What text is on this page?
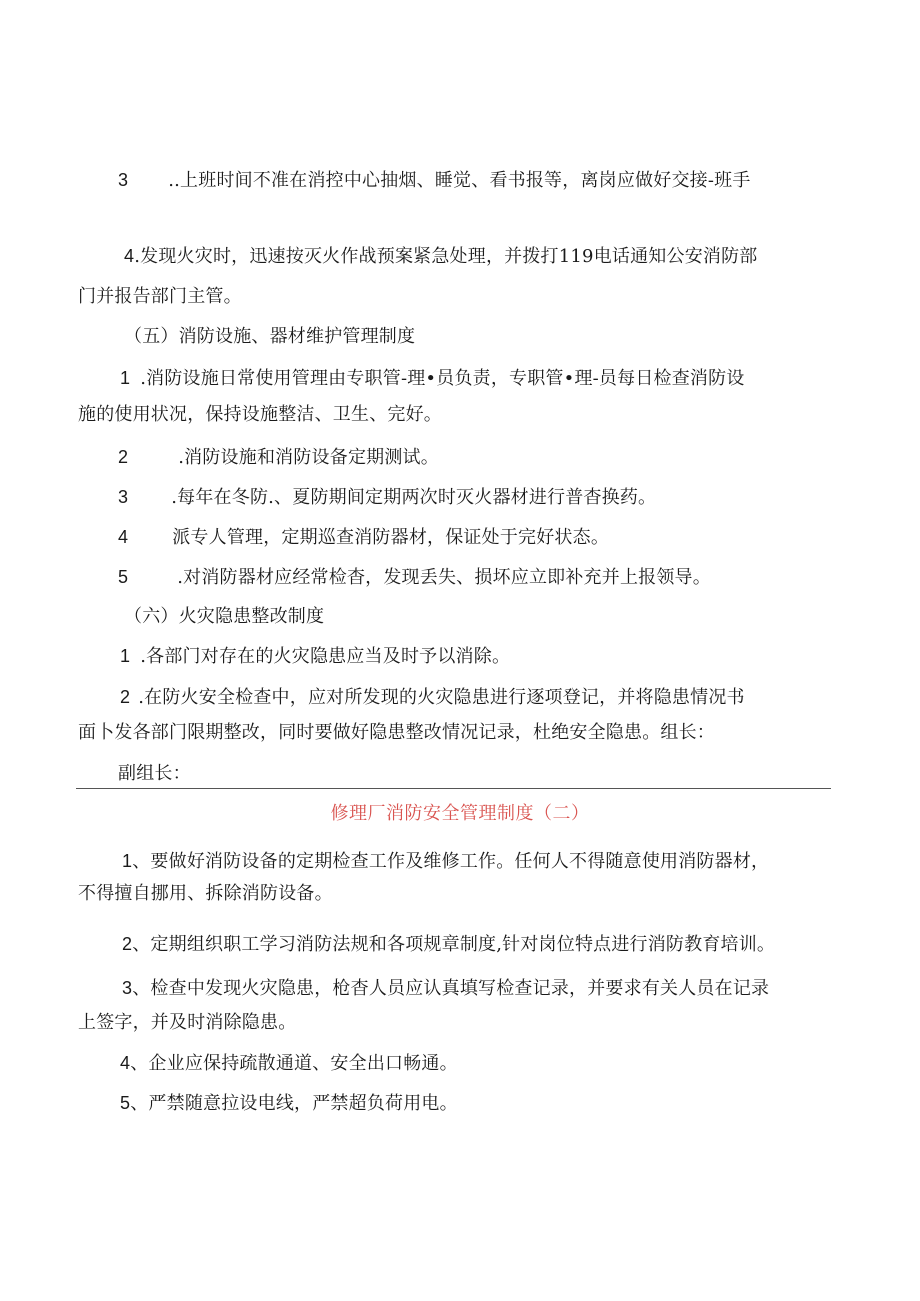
3 ..上班时间不准在消控中心抽烟、睡觉、看书报等，离岗应做好交接-班手
4.发现火灾时，迅速按灭火作战预案紧急处理，并拨打119电话通知公安消防部
门并报告部门主管。
（五）消防设施、器材维护管理制度
1 .消防设施日常使用管理由专职管-理•员负责，专职管•理-员每日检查消防设
施的使用状况，保持设施整洁、卫生、完好。
2	.消防设施和消防设备定期测试。
3 .每年在冬防.、夏防期间定期两次时灭火器材进行普杳换药。
4 派专人管理，定期巡查消防器材，保证处于完好状态。
5	.对消防器材应经常检杳，发现丢失、损坏应立即补充并上报领导。
（六）火灾隐患整改制度
1 .各部门对存在的火灾隐患应当及时予以消除。
2 .在防火安全检查中，应对所发现的火灾隐患进行逐项登记，并将隐患情况书
面卜发各部门限期整改，同时要做好隐患整改情况记录，杜绝安全隐患。组长：
副组长：
修理厂消防安全管理制度（二）
1、要做好消防设备的定期检查工作及维修工作。任何人不得随意使用消防器材，
不得擅自挪用、拆除消防设备。
2、定期组织职工学习消防法规和各项规章制度,针对岗位特点进行消防教育培训。
3、检查中发现火灾隐患，枪杳人员应认真填写检查记录，并要求有关人员在记录
上签字，并及时消除隐患。
4、企业应保持疏散通道、安全出口畅通。
5、严禁随意拉设电线，严禁超负荷用电。
